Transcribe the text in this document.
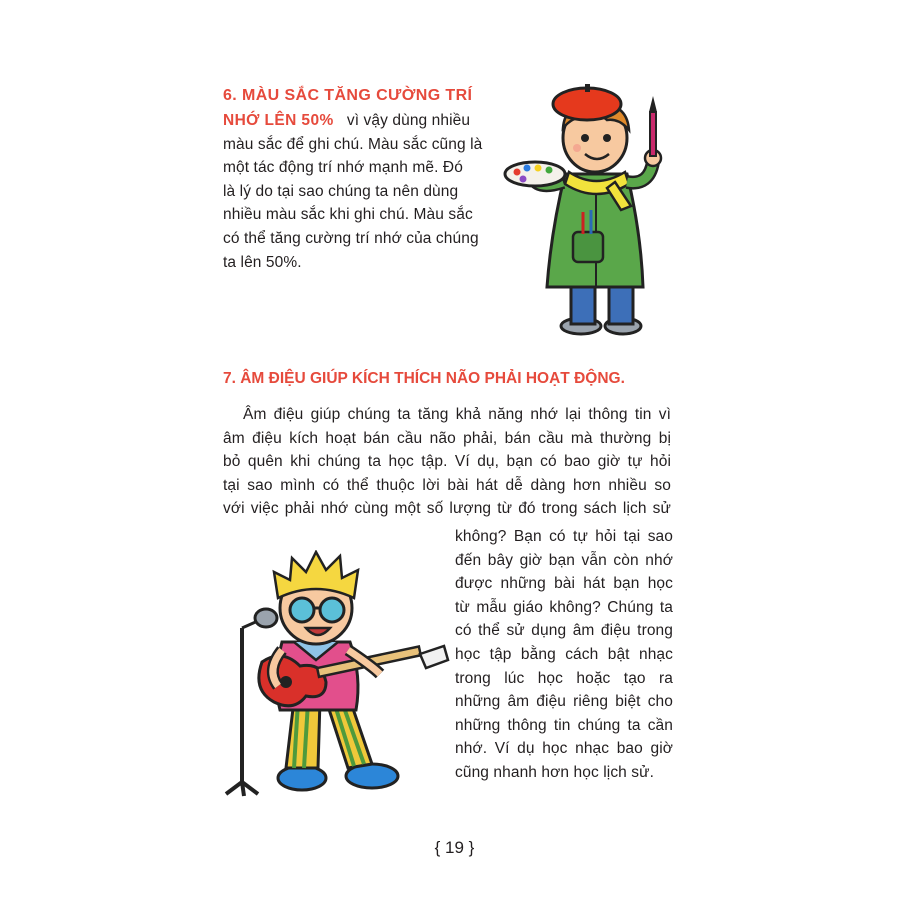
6. MÀU SẮC TĂNG CƯỜNG TRÍ
NHỚ LÊN 50% vì vậy dùng nhiều
màu sắc để ghi chú. Màu sắc cũng là
một tác động trí nhớ mạnh mẽ. Đó
là lý do tại sao chúng ta nên dùng
nhiều màu sắc khi ghi chú. Màu sắc
có thể tăng cường trí nhớ của chúng
ta lên 50%.
7. ÂM ĐIỆU GIÚP KÍCH THÍCH NÃO PHẢI HOẠT ĐỘNG.
Âm điệu giúp chúng ta tăng khả năng nhớ lại thông tin vì
âm điệu kích hoạt bán cầu não phải, bán cầu mà thường bị
bỏ quên khi chúng ta học tập. Ví dụ, bạn có bao giờ tự hỏi
tại sao mình có thể thuộc lời bài hát dễ dàng hơn nhiều so
với việc phải nhớ cùng một số lượng từ đó trong sách lịch sử
không? Bạn có tự hỏi tại sao
đến bây giờ bạn vẫn còn nhớ
được những bài hát bạn học
từ mẫu giáo không? Chúng ta
có thể sử dụng âm điệu trong
học tập bằng cách bật nhạc
trong lúc học hoặc tạo ra
những âm điệu riêng biệt cho
những thông tin chúng ta cần
nhớ. Ví dụ học nhạc bao giờ
cũng nhanh hơn học lịch sử.
{ 19 }
